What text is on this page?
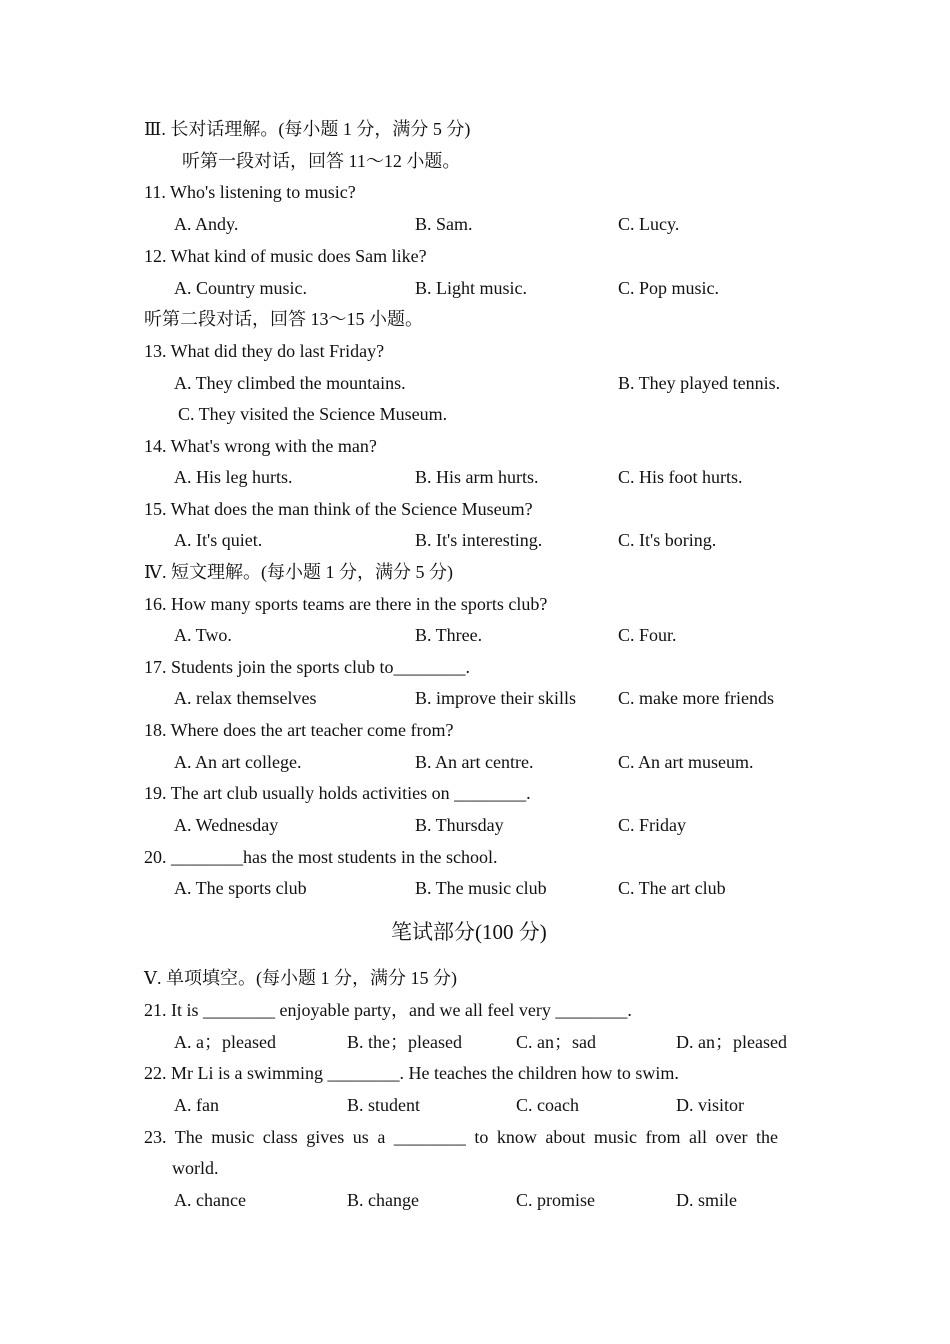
Ⅲ. 长对话理解。(每小题 1 分，满分 5 分)
听第一段对话，回答 11～12 小题。
11. Who's listening to music?
A. Andy.	B. Sam.	C. Lucy.
12. What kind of music does Sam like?
A. Country music.	B. Light music.	C. Pop music.
听第二段对话，回答 13～15 小题。
13. What did they do last Friday?
A. They climbed the mountains.	B. They played tennis.
C. They visited the Science Museum.
14. What's wrong with the man?
A. His leg hurts.	B. His arm hurts.	C. His foot hurts.
15. What does the man think of the Science Museum?
A. It's quiet.	B. It's interesting.	C. It's boring.
Ⅳ. 短文理解。(每小题 1 分，满分 5 分)
16. How many sports teams are there in the sports club?
A. Two.	B. Three.	C. Four.
17. Students join the sports club to________.
A. relax themselves	B. improve their skills C. make more friends
18. Where does the art teacher come from?
A. An art college.	B. An art centre.	C. An art museum.
19. The art club usually holds activities on ________.
A. Wednesday	B. Thursday	C. Friday
20. ________has the most students in the school.
A. The sports club	B. The music club	C. The art club
笔试部分(100 分)
Ⅴ. 单项填空。(每小题 1 分，满分 15 分)
21. It is ________ enjoyable party，and we all feel very ________.
A. a；pleased	B. the；pleased	C. an；sad	D. an；pleased
22. Mr Li is a swimming ________. He teaches the children how to swim.
A. fan	B. student	C. coach	D. visitor
23. The music class gives us a ________ to know about music from all over the
world.
A. chance	B. change	C. promise	D. smile
